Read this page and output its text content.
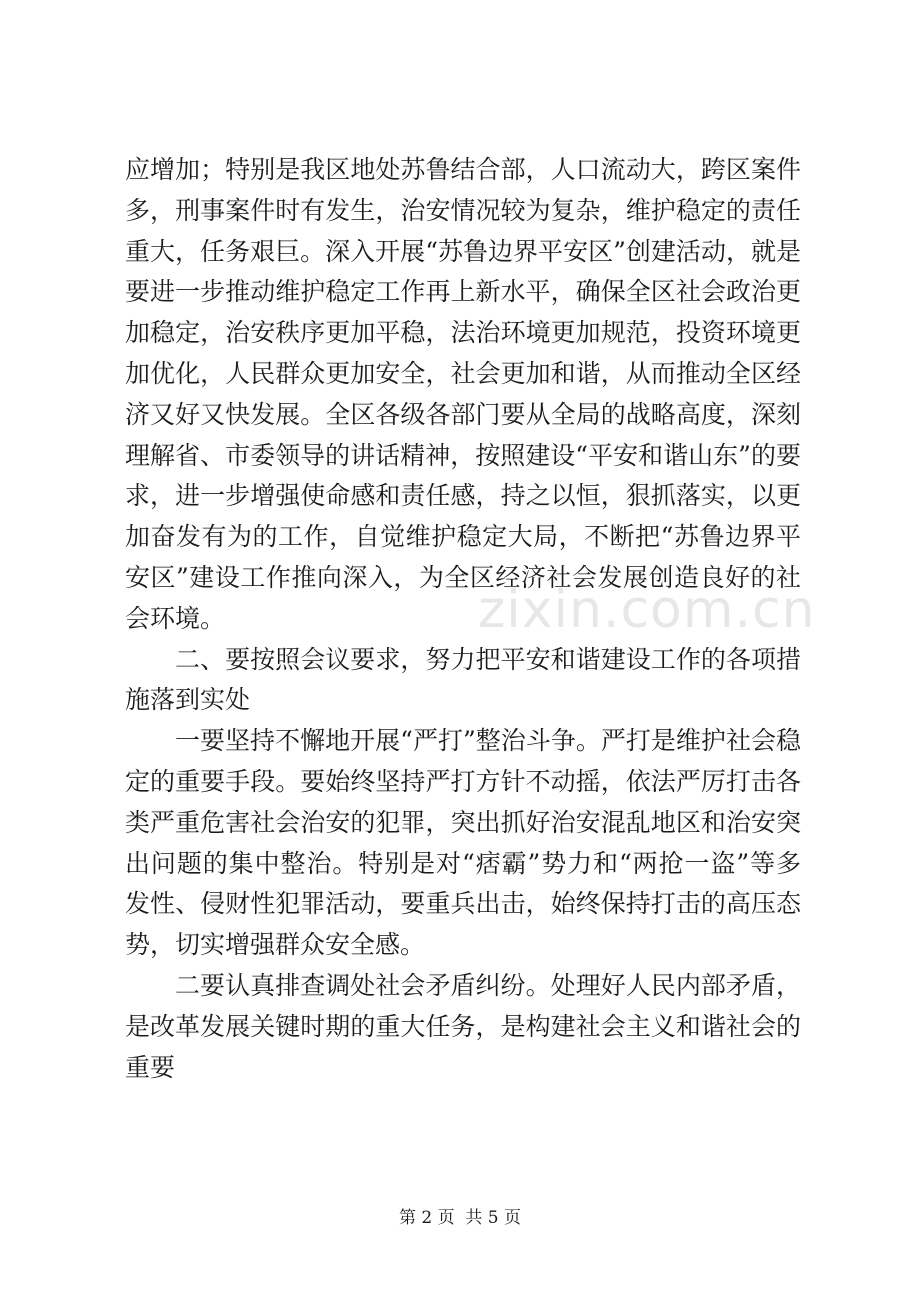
应增加；特别是我区地处苏鲁结合部，人口流动大，跨区案件多，刑事案件时有发生，治安情况较为复杂，维护稳定的责任重大，任务艰巨。深入开展“苏鲁边界平安区”创建活动，就是要进一步推动维护稳定工作再上新水平，确保全区社会政治更加稳定，治安秩序更加平稳，法治环境更加规范，投资环境更加优化，人民群众更加安全，社会更加和谐，从而推动全区经济又好又快发展。全区各级各部门要从全局的战略高度，深刻理解省、市委领导的讲话精神，按照建设“平安和谐山东”的要求，进一步增强使命感和责任感，持之以恒，狠抓落实，以更加奋发有为的工作，自觉维护稳定大局，不断把“苏鲁边界平安区”建设工作推向深入，为全区经济社会发展创造良好的社会环境。

二、要按照会议要求，努力把平安和谐建设工作的各项措施落到实处

一要坚持不懈地开展“严打”整治斗争。严打是维护社会稳定的重要手段。要始终坚持严打方针不动摇，依法严厉打击各类严重危害社会治安的犯罪，突出抓好治安混乱地区和治安突出问题的集中整治。特别是对“痞霸”势力和“两抢一盗”等多发性、侵财性犯罪活动，要重兵出击，始终保持打击的高压态势，切实增强群众安全感。

二要认真排查调处社会矛盾纠纷。处理好人民内部矛盾，是改革发展关键时期的重大任务，是构建社会主义和谐社会的重要

zixin.com.cn
第 2 页  共 5 页
